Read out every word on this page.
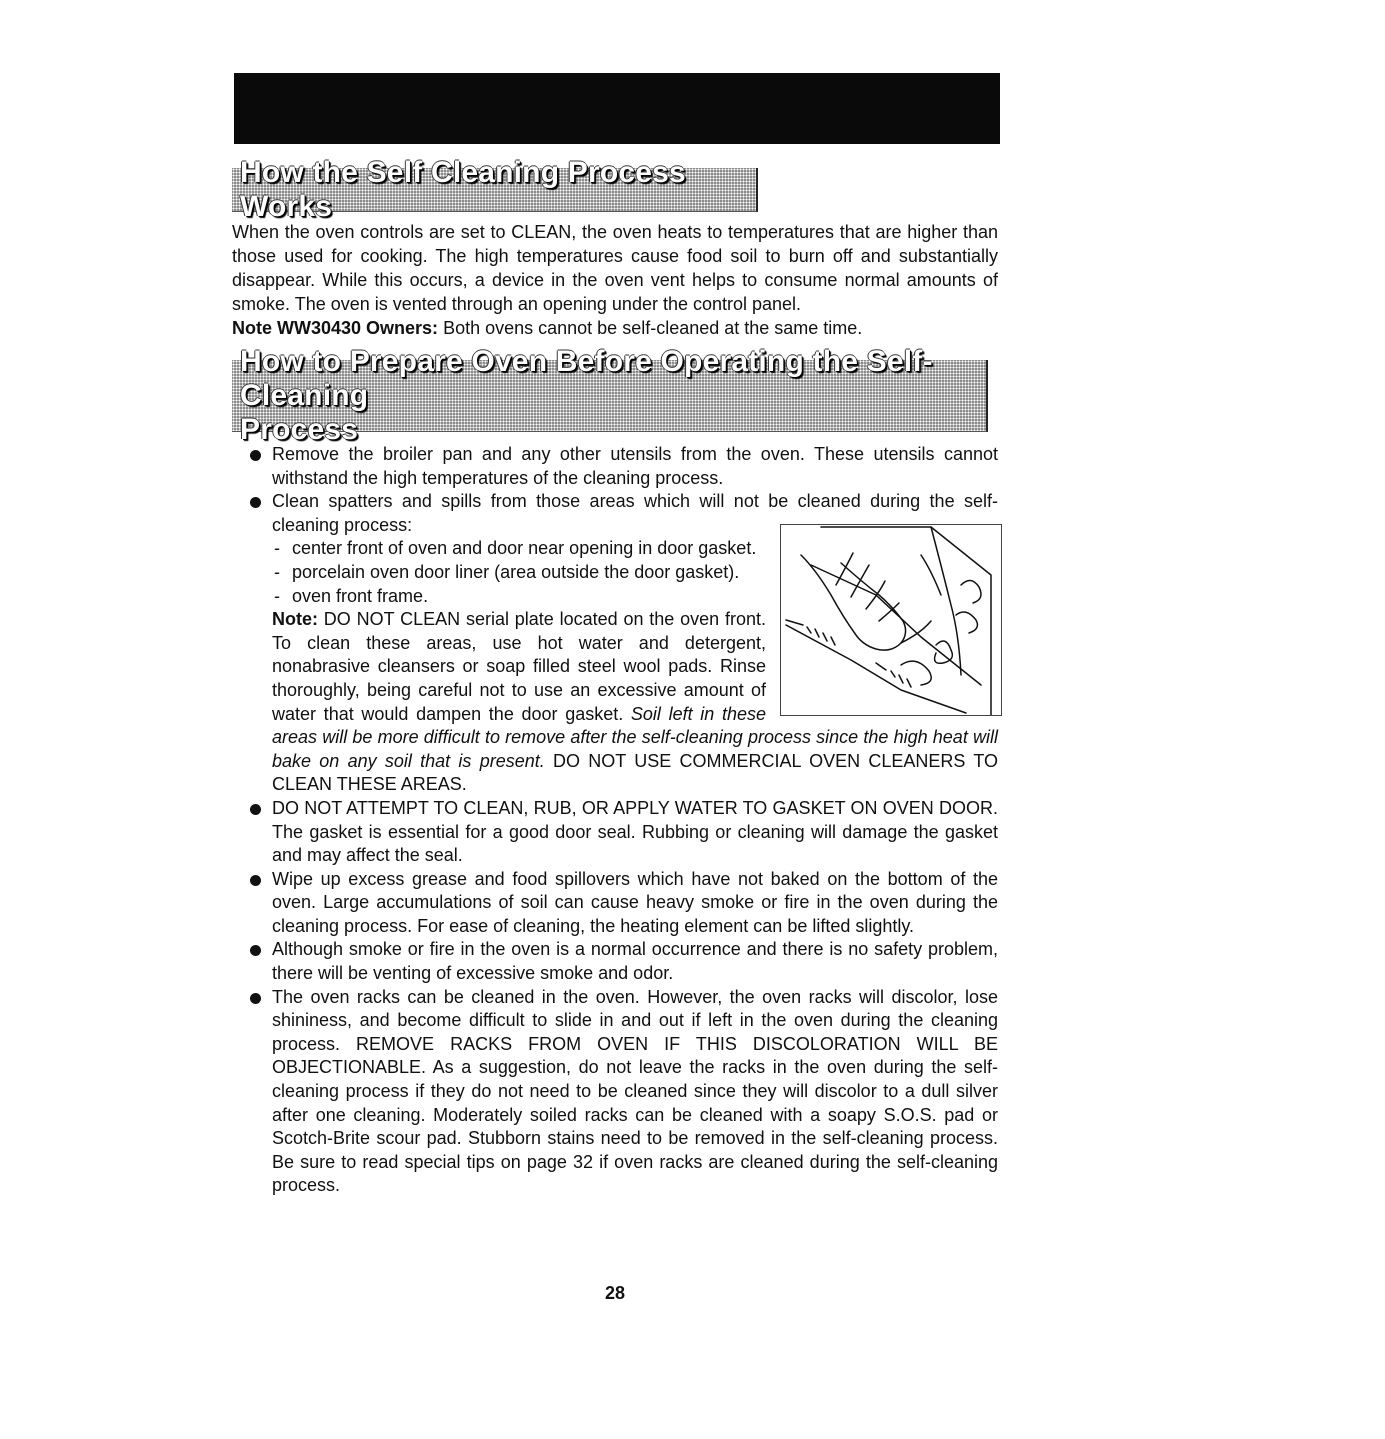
How the Self Cleaning Process Works

When the oven controls are set to CLEAN, the oven heats to temperatures that are higher than those used for cooking. The high temperatures cause food soil to burn off and substantially disappear. While this occurs, a device in the oven vent helps to consume normal amounts of smoke. The oven is vented through an opening under the control panel.

Note WW30430 Owners: Both ovens cannot be self-cleaned at the same time.

How to Prepare Oven Before Operating the Self-Cleaning
Process
Remove the broiler pan and any other utensils from the oven. These utensils cannot withstand the high temperatures of the cleaning process.
Clean spatters and spills from those areas which will not be cleaned during the self-cleaning process:
- center front of oven and door near opening in door gasket.
- porcelain oven door liner (area outside the door gasket).
- oven front frame.
Note: DO NOT CLEAN serial plate located on the oven front. To clean these areas, use hot water and detergent, nonabrasive cleansers or soap filled steel wool pads. Rinse thoroughly, being careful not to use an excessive amount of water that would dampen the door gasket. Soil left in these areas will be more difficult to remove after the self-cleaning process since the high heat will bake on any soil that is present. DO NOT USE COMMERCIAL OVEN CLEANERS TO CLEAN THESE AREAS.
DO NOT ATTEMPT TO CLEAN, RUB, OR APPLY WATER TO GASKET ON OVEN DOOR. The gasket is essential for a good door seal. Rubbing or cleaning will damage the gasket and may affect the seal.
Wipe up excess grease and food spillovers which have not baked on the bottom of the oven. Large accumulations of soil can cause heavy smoke or fire in the oven during the cleaning process. For ease of cleaning, the heating element can be lifted slightly.
Although smoke or fire in the oven is a normal occurrence and there is no safety problem, there will be venting of excessive smoke and odor.
The oven racks can be cleaned in the oven. However, the oven racks will discolor, lose shininess, and become difficult to slide in and out if left in the oven during the cleaning process. REMOVE RACKS FROM OVEN IF THIS DISCOLORATION WILL BE OBJECTIONABLE. As a suggestion, do not leave the racks in the oven during the self-cleaning process if they do not need to be cleaned since they will discolor to a dull silver after one cleaning. Moderately soiled racks can be cleaned with a soapy S.O.S. pad or Scotch-Brite scour pad. Stubborn stains need to be removed in the self-cleaning process. Be sure to read special tips on page 32 if oven racks are cleaned during the self-cleaning process.
28
